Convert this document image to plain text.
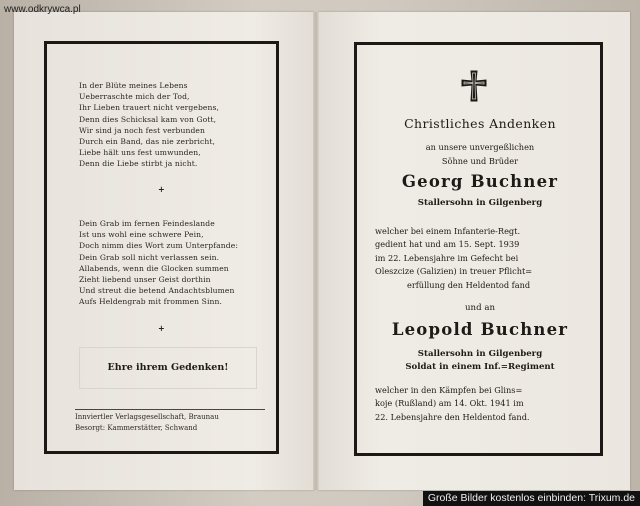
www.odkrywca.pl
In der Blüte meines Lebens
Ueberraschte mich der Tod,
Ihr Lieben trauert nicht vergebens,
Denn dies Schicksal kam von Gott,
Wir sind ja noch fest verbunden
Durch ein Band, das nie zerbricht,
Liebe hält uns fest umwunden,
Denn die Liebe stirbt ja nicht.
+
Dein Grab im fernen Feindeslande
Ist uns wohl eine schwere Pein,
Doch nimm dies Wort zum Unterpfande:
Dein Grab soll nicht verlassen sein.
Allabends, wenn die Glocken summen
Zieht liebend unser Geist dorthin
Und streut die betend Andachtsblumen
Aufs Heldengrab mit frommen Sinn.
+
Ehre ihrem Gedenken!
Innviertler Verlagsgesellschaft, Braunau
Besorgt: Kammerstätter, Schwand
Christliches Andenken
an unsere unvergeßlichen
Söhne und Brüder
Georg Buchner
Stallersohn in Gilgenberg
welcher bei einem Infanterie-Regt.
gedient hat und am 15. Sept. 1939
im 22. Lebensjahre im Gefecht bei
Oleszcize (Galizien) in treuer Pflicht=
erfüllung den Heldentod fand
und an
Leopold Buchner
Stallersohn in Gilgenberg
Soldat in einem Inf.=Regiment
welcher in den Kämpfen bei Glins=
koje (Rußland) am 14. Okt. 1941 im
22. Lebensjahre den Heldentod fand.
Große Bilder kostenlos einbinden: Trixum.de
